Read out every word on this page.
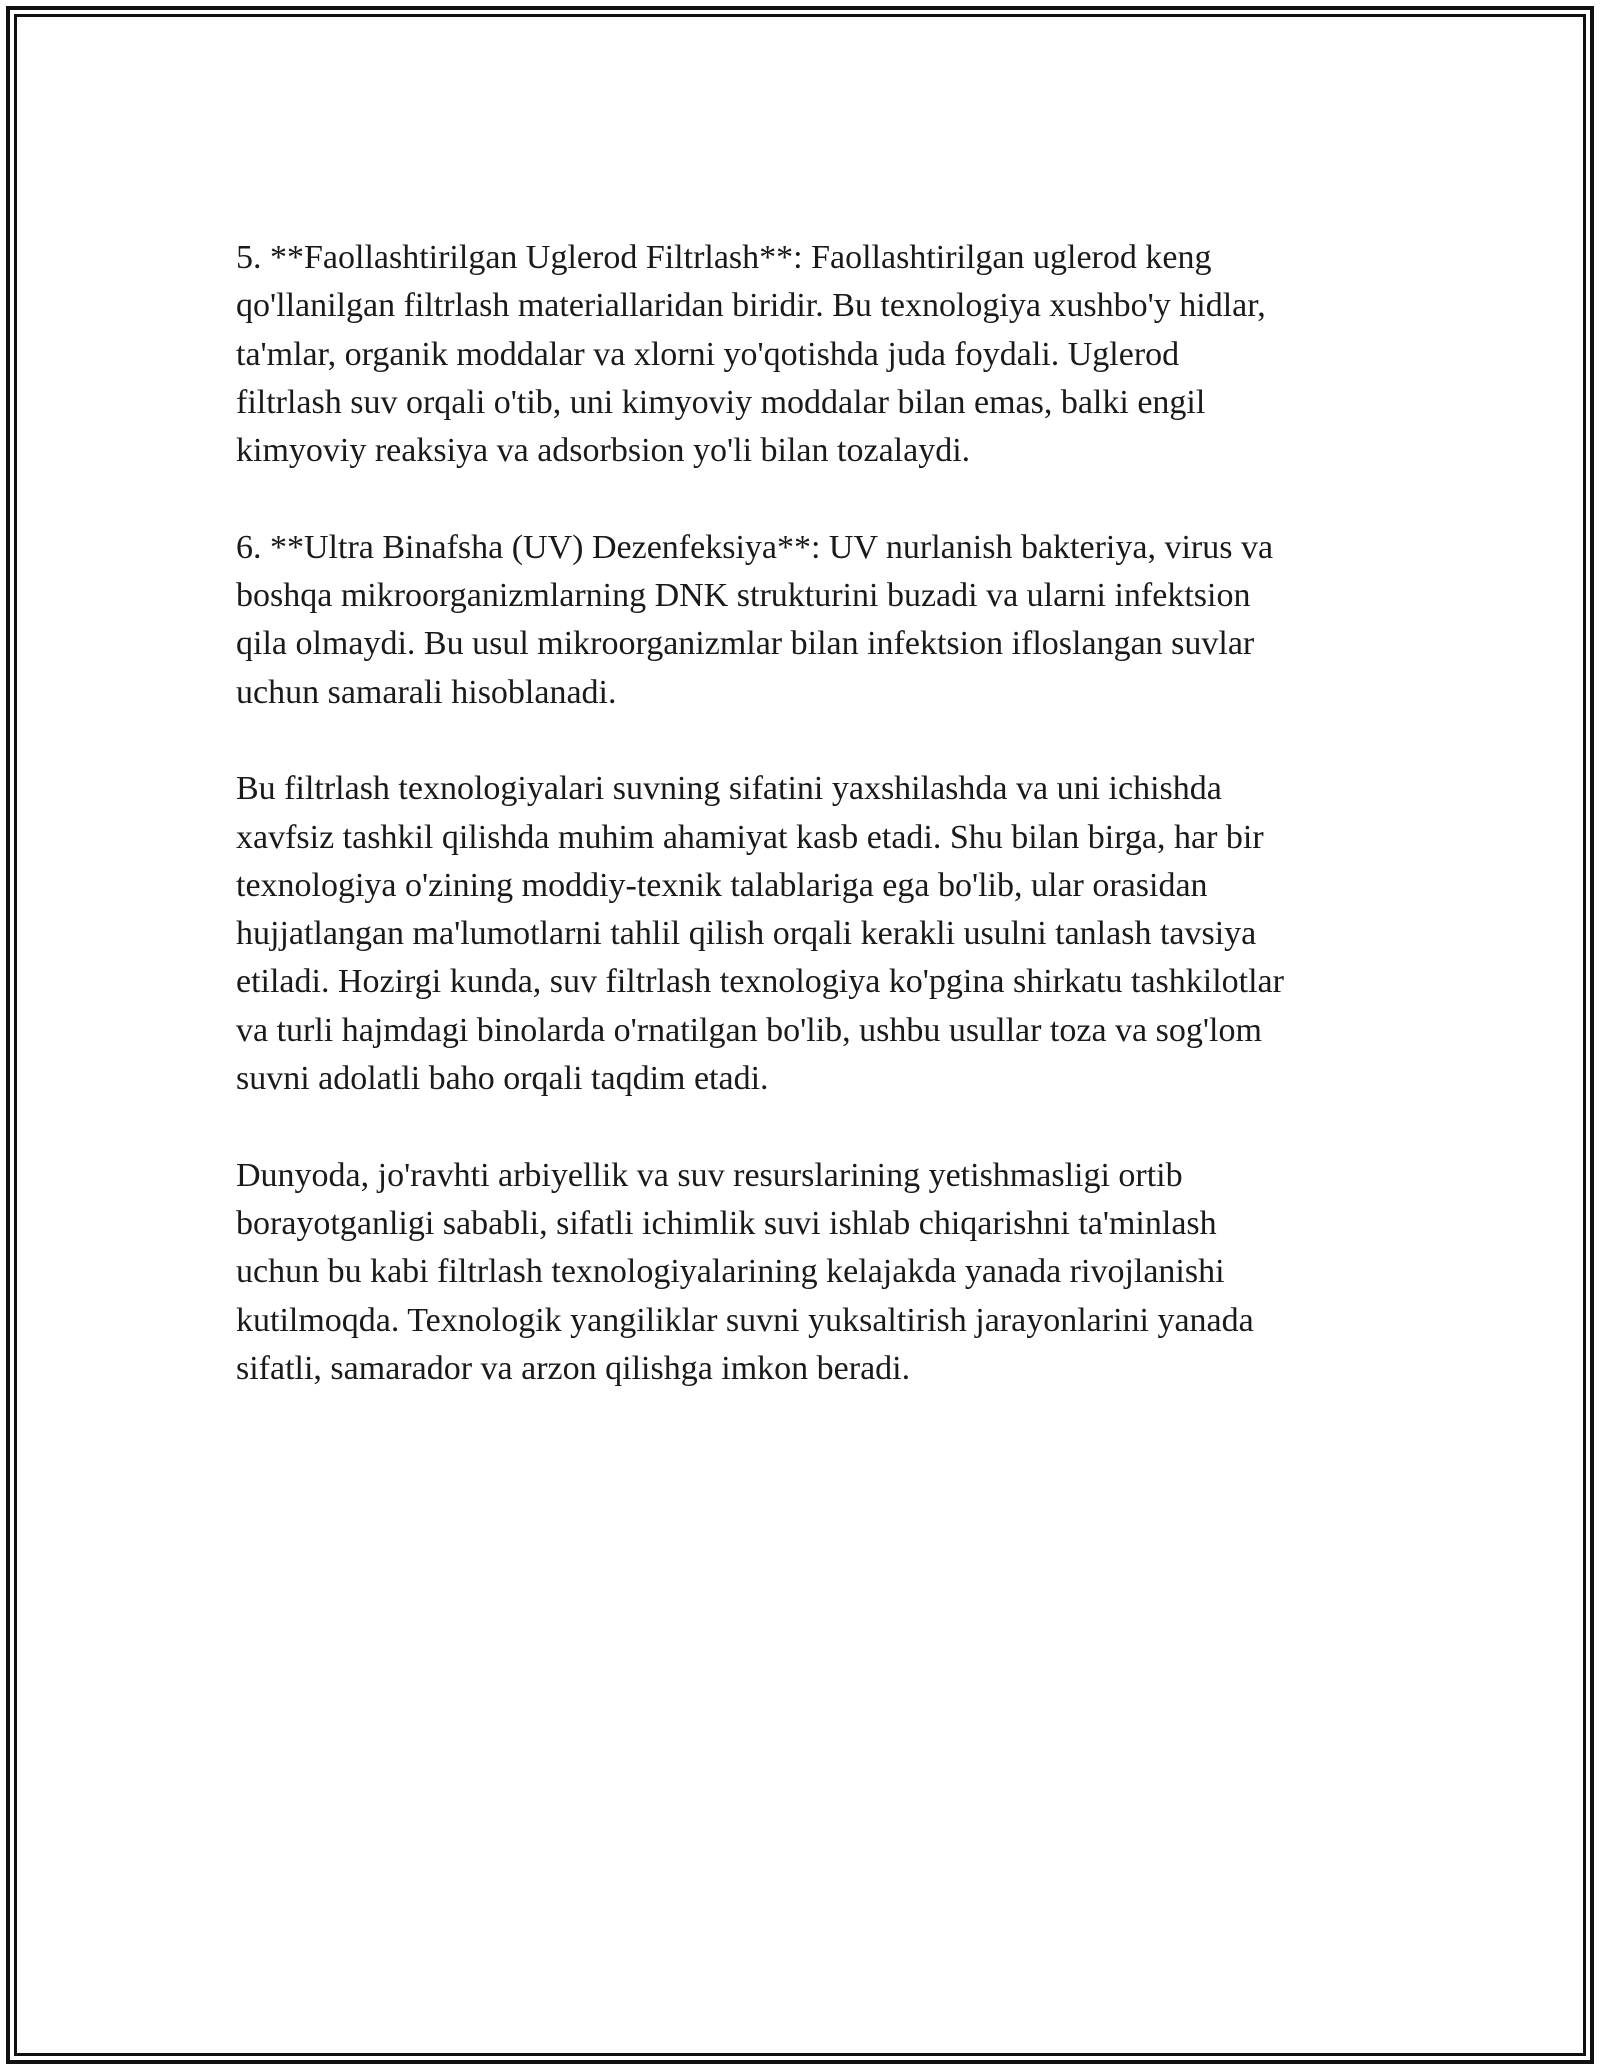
5. **Faollashtirilgan Uglerod Filtrlash**: Faollashtirilgan uglerod keng
qo'llanilgan filtrlash materiallaridan biridir. Bu texnologiya xushbo'y hidlar,
ta'mlar, organik moddalar va xlorni yo'qotishda juda foydali. Uglerod
filtrlash suv orqali o'tib, uni kimyoviy moddalar bilan emas, balki engil
kimyoviy reaksiya va adsorbsion yo'li bilan tozalaydi.

6. **Ultra Binafsha (UV) Dezenfeksiya**: UV nurlanish bakteriya, virus va
boshqa mikroorganizmlarning DNK strukturini buzadi va ularni infektsion
qila olmaydi. Bu usul mikroorganizmlar bilan infektsion ifloslangan suvlar
uchun samarali hisoblanadi.

Bu filtrlash texnologiyalari suvning sifatini yaxshilashda va uni ichishda
xavfsiz tashkil qilishda muhim ahamiyat kasb etadi. Shu bilan birga, har bir
texnologiya o'zining moddiy-texnik talablariga ega bo'lib, ular orasidan
hujjatlangan ma'lumotlarni tahlil qilish orqali kerakli usulni tanlash tavsiya
etiladi. Hozirgi kunda, suv filtrlash texnologiya ko'pgina shirkatu tashkilotlar
va turli hajmdagi binolarda o'rnatilgan bo'lib, ushbu usullar toza va sog'lom
suvni adolatli baho orqali taqdim etadi.

Dunyoda, jo'ravhti arbiyellik va suv resurslarining yetishmasligi ortib
borayotganligi sababli, sifatli ichimlik suvi ishlab chiqarishni ta'minlash
uchun bu kabi filtrlash texnologiyalarining kelajakda yanada rivojlanishi
kutilmoqda. Texnologik yangiliklar suvni yuksaltirish jarayonlarini yanada
sifatli, samarador va arzon qilishga imkon beradi.
